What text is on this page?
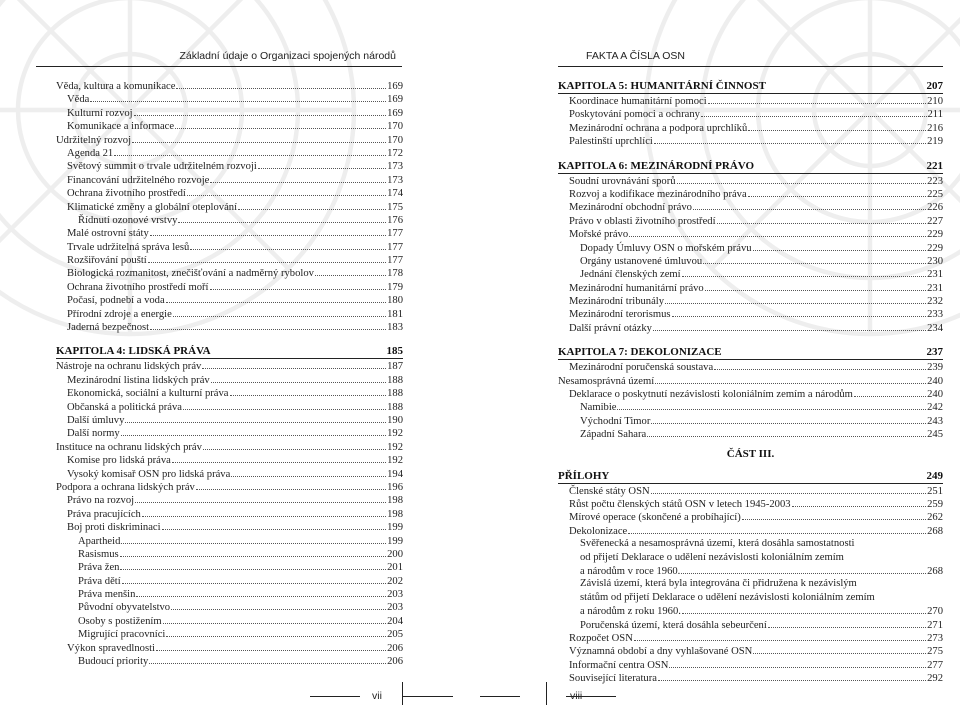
Základní údaje o Organizaci spojených národů
Věda, kultura a komunikace	169
Věda	169
Kulturní rozvoj	169
Komunikace a informace	170
Udržitelný rozvoj	170
Agenda 21	172
Světový summit o trvale udržitelném rozvoji	173
Financování udržitelného rozvoje	173
Ochrana životního prostředí	174
Klimatické změny a globální oteplování	175
Řídnutí ozonové vrstvy	176
Malé ostrovní státy	177
Trvale udržitelná správa lesů	177
Rozšiřování pouští	177
Biologická rozmanitost, znečišťování a nadměrný rybolov	178
Ochrana životního prostředí moří	179
Počasí, podnebí a voda	180
Přírodní zdroje a energie	181
Jaderná bezpečnost	183
KAPITOLA 4: LIDSKÁ PRÁVA	185
Nástroje na ochranu lidských práv	187
Mezinárodní listina lidských práv	188
Ekonomická, sociální a kulturní práva	188
Občanská a politická práva	188
Další úmluvy	190
Další normy	192
Instituce na ochranu lidských práv	192
Komise pro lidská práva	192
Vysoký komisař OSN pro lidská práva	194
Podpora a ochrana lidských práv	196
Právo na rozvoj	198
Práva pracujících	198
Boj proti diskriminaci	199
Apartheid	199
Rasismus	200
Práva žen	201
Práva dětí	202
Práva menšin	203
Původní obyvatelstvo	203
Osoby s postižením	204
Migrující pracovníci	205
Výkon spravedlnosti	206
Budoucí priority	206
vii
FAKTA A ČÍSLA OSN
KAPITOLA 5: HUMANITÁRNÍ ČINNOST	207
Koordinace humanitární pomoci	210
Poskytování pomoci a ochrany	211
Mezinárodní ochrana a podpora uprchlíků	216
Palestinští uprchlíci	219
KAPITOLA 6: MEZINÁRODNÍ PRÁVO	221
Soudní urovnávání sporů	223
Rozvoj a kodifikace mezinárodního práva	225
Mezinárodní obchodní právo	226
Právo v oblasti životního prostředí	227
Mořské právo	229
Dopady Úmluvy OSN o mořském právu	229
Orgány ustanovené úmluvou	230
Jednání členských zemí	231
Mezinárodní humanitární právo	231
Mezinárodní tribunály	232
Mezinárodní terorismus	233
Další právní otázky	234
KAPITOLA 7: DEKOLONIZACE	237
Mezinárodní poručenská soustava	239
Nesamosprávná území	240
Deklarace o poskytnutí nezávislosti koloniálním zemím a národům	240
Namibie	242
Východní Timor	243
Západní Sahara	245
ČÁST III.
PŘÍLOHY	249
Členské státy OSN	251
Růst počtu členských států OSN v letech 1945-2003	259
Mírové operace (skončené a probíhající)	262
Dekolonizace	268
Svěřenecká a nesamosprávná území, která dosáhla samostatnosti
od přijetí Deklarace o udělení nezávislosti koloniálním zemím
a národům v roce 1960.	268
Závislá území, která byla integrována či přidružena k nezávislým
státům od přijetí Deklarace o udělení nezávislosti koloniálním zemím
a národům z roku 1960.	270
Poručenská území, která dosáhla sebeurčení	271
Rozpočet OSN	273
Významná období a dny vyhlašované OSN	275
Informační centra OSN	277
Související literatura	292
viii
